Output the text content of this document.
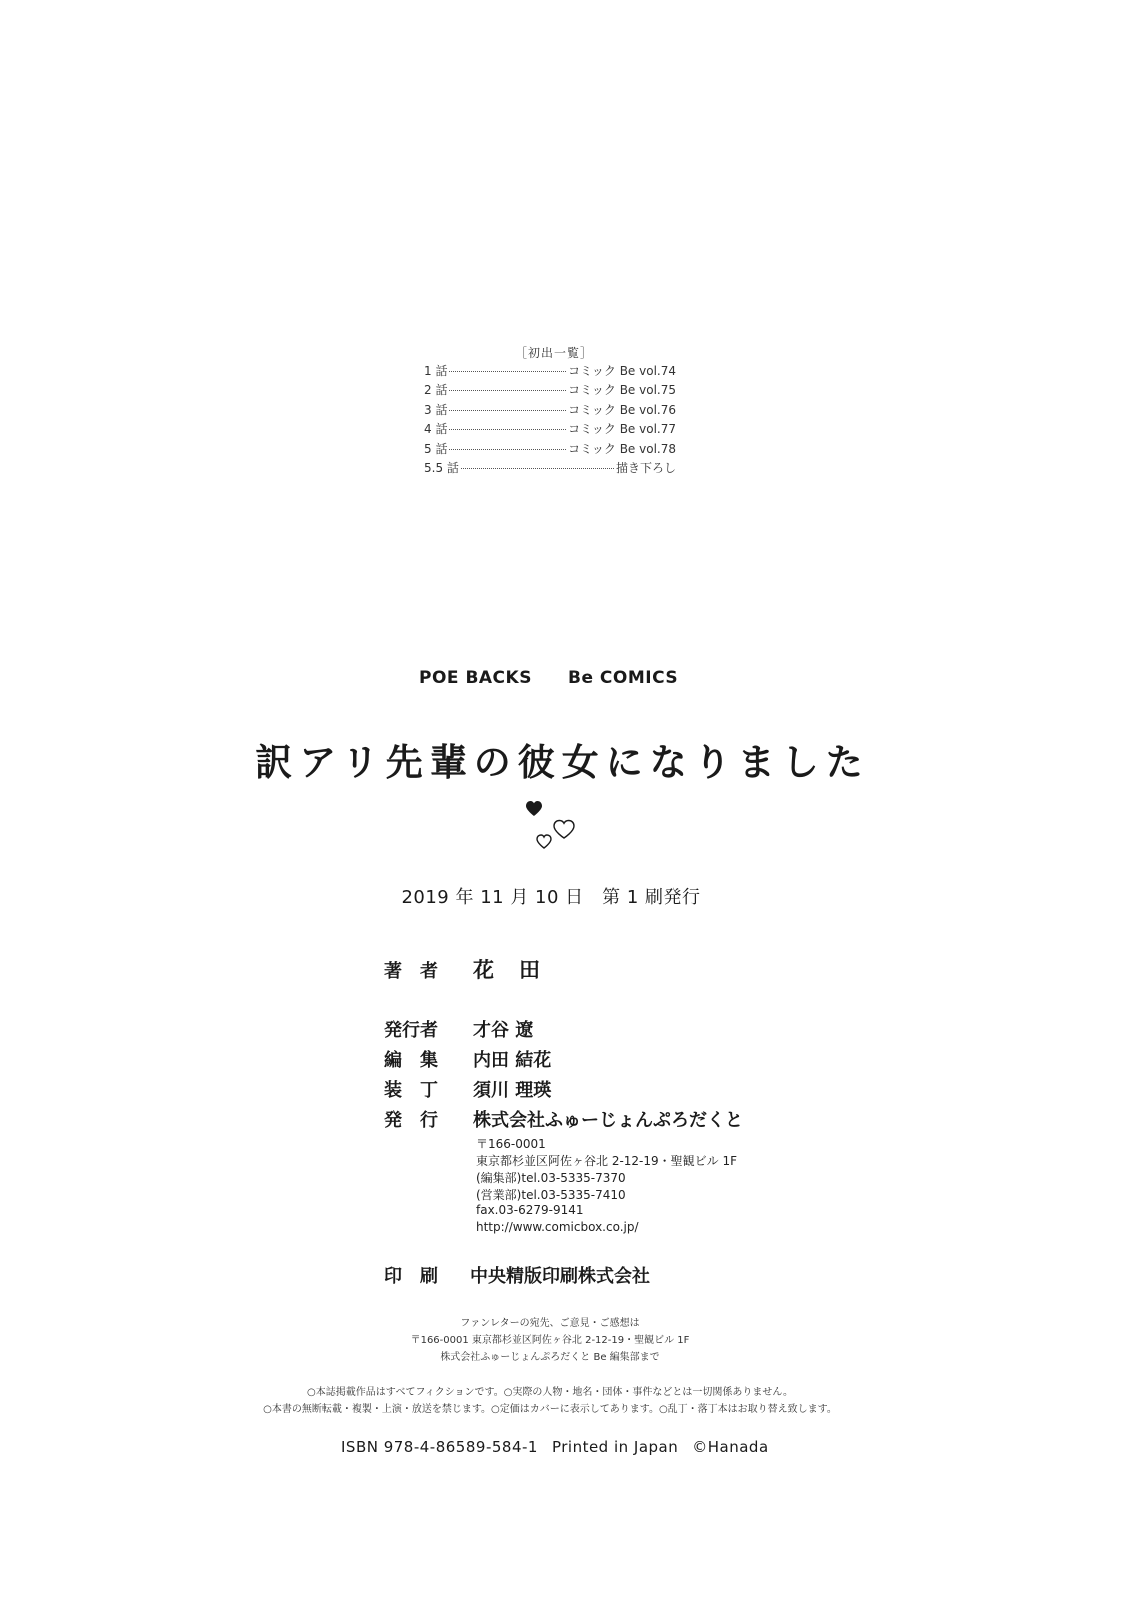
［初出一覧］
1 話	コミック Be vol.74
2 話	コミック Be vol.75
3 話	コミック Be vol.76
4 話	コミック Be vol.77
5 話	コミック Be vol.78
5.5 話	描き下ろし
POE BACKS Be COMICS
訳アリ先輩の彼女になりました
2019 年 11 月 10 日　第 1 刷発行
著　者 花　田
発行者 才谷 遼
編　集 内田 結花
装　丁 須川 理瑛
発　行 株式会社ふゅーじょんぷろだくと
〒166-0001
東京都杉並区阿佐ヶ谷北 2-12-19・聖観ビル 1F
(編集部)tel.03-5335-7370
(営業部)tel.03-5335-7410
fax.03-6279-9141
http://www.comicbox.co.jp/
印　刷 中央精版印刷株式会社
ファンレターの宛先、ご意見・ご感想は
〒166-0001 東京都杉並区阿佐ヶ谷北 2-12-19・聖観ビル 1F
株式会社ふゅーじょんぷろだくと Be 編集部まで
○本誌掲載作品はすべてフィクションです。○実際の人物・地名・団体・事件などとは一切関係ありません。
○本書の無断転載・複製・上演・放送を禁じます。○定価はカバーに表示してあります。○乱丁・落丁本はお取り替え致します。
ISBN 978-4-86589-584-1 Printed in Japan ©Hanada
